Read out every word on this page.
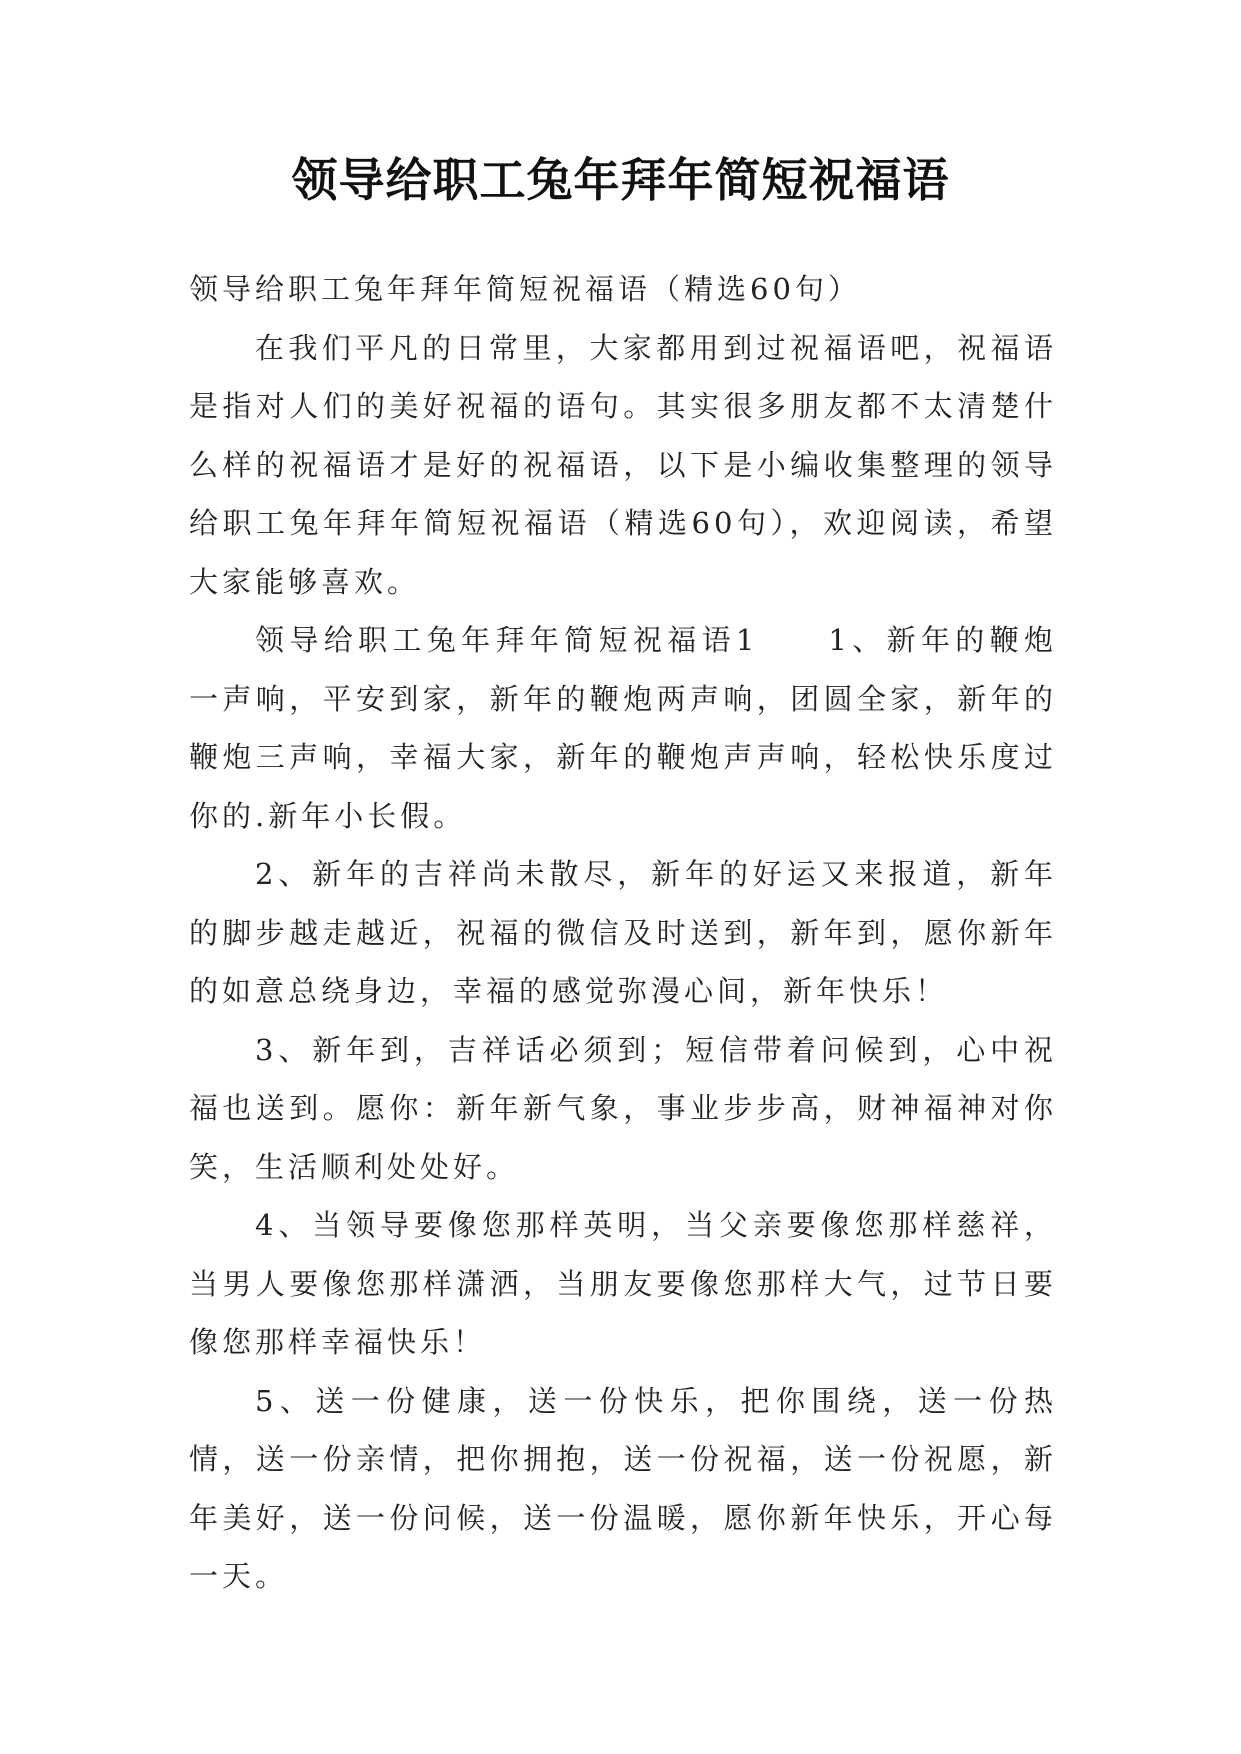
领导给职工兔年拜年简短祝福语

领导给职工兔年拜年简短祝福语（精选60句）

在我们平凡的日常里，大家都用到过祝福语吧，祝福语是指对人们的美好祝福的语句。其实很多朋友都不太清楚什么样的祝福语才是好的祝福语，以下是小编收集整理的领导给职工兔年拜年简短祝福语（精选60句），欢迎阅读，希望大家能够喜欢。

领导给职工兔年拜年简短祝福语1　　1、新年的鞭炮一声响，平安到家，新年的鞭炮两声响，团圆全家，新年的鞭炮三声响，幸福大家，新年的鞭炮声声响，轻松快乐度过你的.新年小长假。

2、新年的吉祥尚未散尽，新年的好运又来报道，新年的脚步越走越近，祝福的微信及时送到，新年到，愿你新年的如意总绕身边，幸福的感觉弥漫心间，新年快乐！

3、新年到，吉祥话必须到；短信带着问候到，心中祝福也送到。愿你：新年新气象，事业步步高，财神福神对你笑，生活顺利处处好。

4、当领导要像您那样英明，当父亲要像您那样慈祥，当男人要像您那样潇洒，当朋友要像您那样大气，过节日要像您那样幸福快乐！

5、送一份健康，送一份快乐，把你围绕，送一份热情，送一份亲情，把你拥抱，送一份祝福，送一份祝愿，新年美好，送一份问候，送一份温暖，愿你新年快乐，开心每一天。
